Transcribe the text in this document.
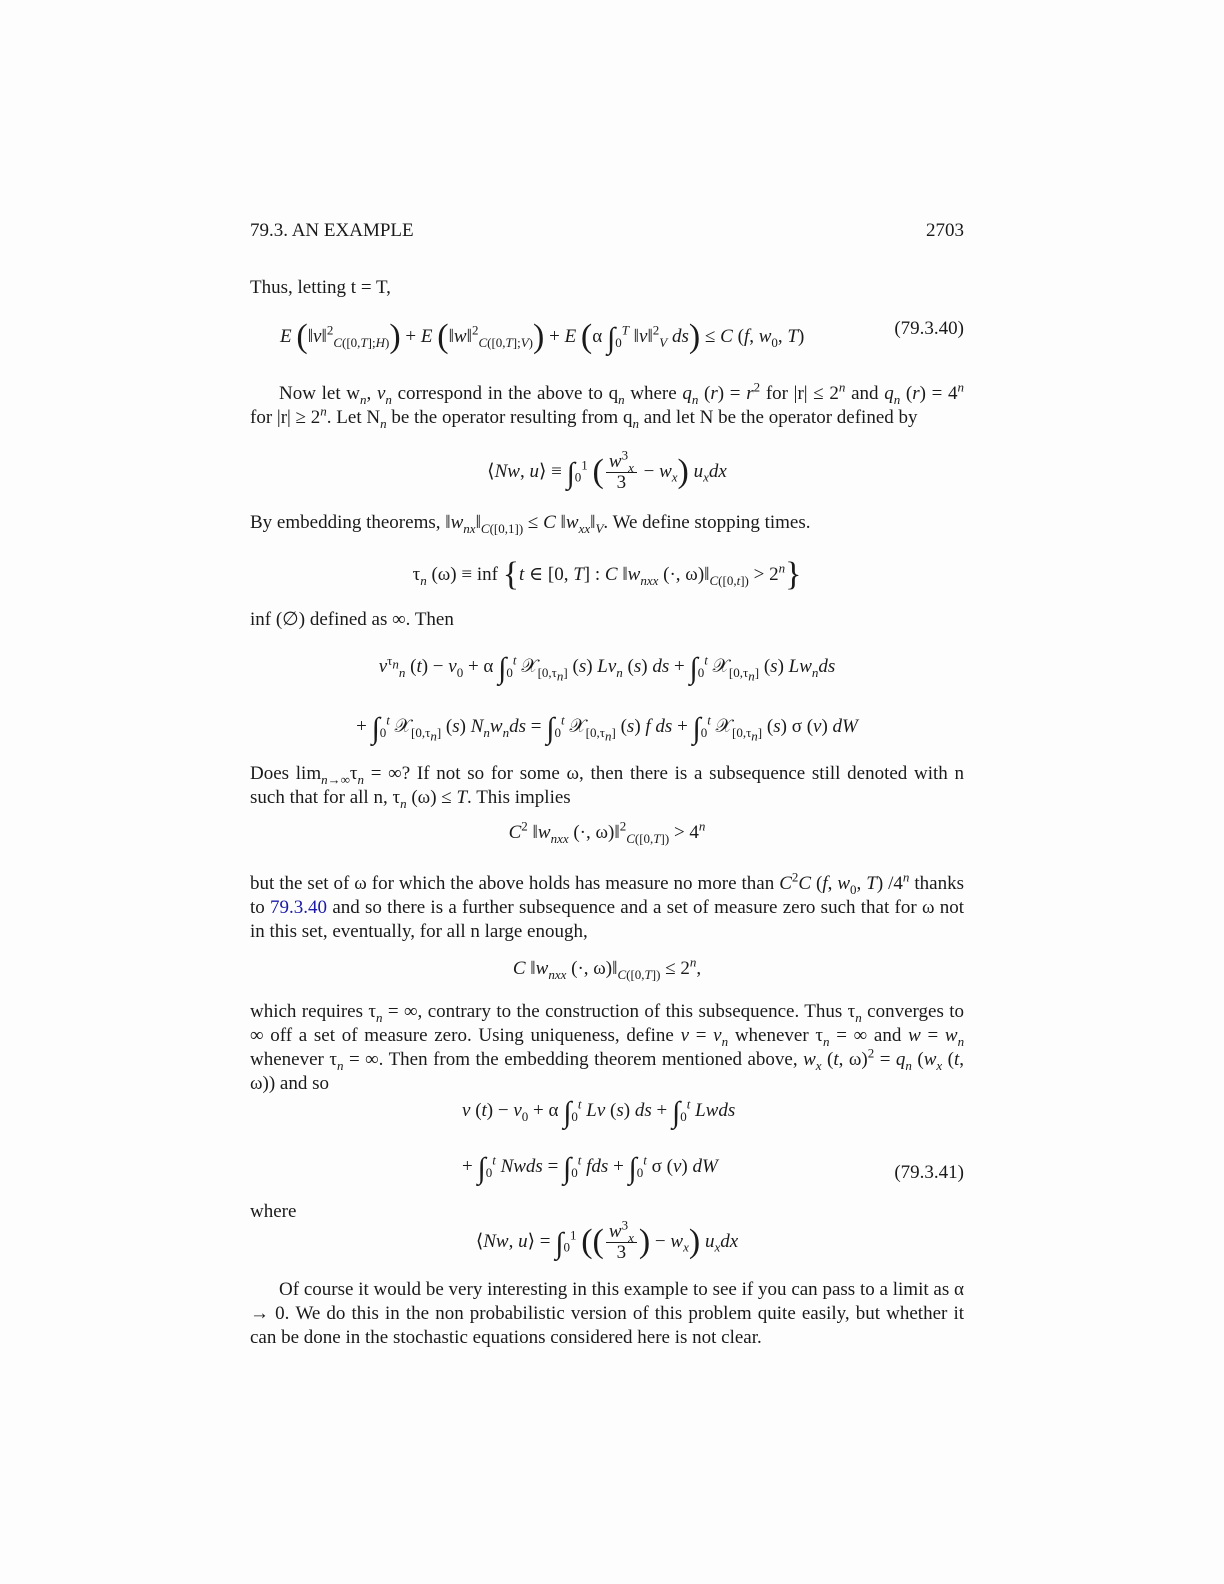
79.3. AN EXAMPLE	2703
Thus, letting t = T,
E (‖v‖$^2_{C([0,T];H)}$) + E (‖w‖$^2_{C([0,T];V)}$) + E (α $\int_0^T$ ‖v‖$^2_V$ ds) ≤ C (f, $w_0$, T)	(79.3.40)
Now let $w_n$, $v_n$ correspond in the above to $q_n$ where $q_n$ $(r) = r^2$ for $|r| \le 2^n$ and $q_n$ $(r) = 4^n$ for $|r| \ge 2^n$. Let $N_n$ be the operator resulting from $q_n$ and let N be the operator defined by
⟨Nw, u⟩ ≡ $\int_0^1$ ( $\frac{w^3_x}{3} - w_x$) $u_xdx$
By embedding theorems, $‖w_{nx}‖_{C([0,1])} \le C$ $‖w_{xx}‖_V$. We define stopping times.
$\tau_n$ (ω) ≡ inf {t ∈ [0, T] : C $‖w_{nxx}$ (·, $\omega)‖_{C([0,t])} > 2^n$}
inf (∅) defined as ∞. Then
$v^{\tau_n}_n$ $(t) - v_0 + \alpha$ $\int_0^t$ 𝒳$_{[0,\tau_n]}$ (s) $Lv_n$ (s) ds + $\int_0^t$ 𝒳$_{[0,\tau_n]}$ (s) $Lw_nds$
+ $\int_0^t$ 𝒳$_{[0,\tau_n]}$ (s) $N_nw_nds = \int_0^t$ 𝒳$_{[0,\tau_n]}$ (s) f ds + $\int_0^t$ 𝒳$_{[0,\tau_n]}$ (s) σ (v) dW
Does $\lim_{n\to\infty}\tau_n$ = ∞? If not so for some ω, then there is a subsequence still denoted with n such that for all n, $\tau_n$ (ω) ≤ T. This implies
$C^2$ $‖w_{nxx}$ (·, ω)‖$^2_{C([0,T])}$ > $4^n$
but the set of ω for which the above holds has measure no more than $C^2C$ (f, $w_0$, T) /4$^n$ thanks to 79.3.40 and so there is a further subsequence and a set of measure zero such that for ω not in this set, eventually, for all n large enough,
C $‖w_{nxx}$ (·, $\omega)‖_{C([0,T])} \le 2^n$,
which requires $\tau_n$ = ∞, contrary to the construction of this subsequence. Thus $\tau_n$ converges to ∞ off a set of measure zero. Using uniqueness, define $v = v_n$ whenever $\tau_n$ = ∞ and $w = w_n$ whenever $\tau_n$ = ∞. Then from the embedding theorem mentioned above, $w_x$ (t, $\omega)^2 = q_n$ ($w_x$ (t, ω)) and so
v $(t) - v_0 + \alpha$ $\int_0^t$ Lv (s) ds + $\int_0^t$ Lwds
+ $\int_0^t$ Nwds = $\int_0^t$ fds + $\int_0^t$ σ (v) dW	(79.3.41)
where
⟨Nw, u⟩ = $\int_0^1$ (( $\frac{w^3_x}{3}$ ) − $w_x$) $u_xdx$
Of course it would be very interesting in this example to see if you can pass to a limit as α → 0. We do this in the non probabilistic version of this problem quite easily, but whether it can be done in the stochastic equations considered here is not clear.
